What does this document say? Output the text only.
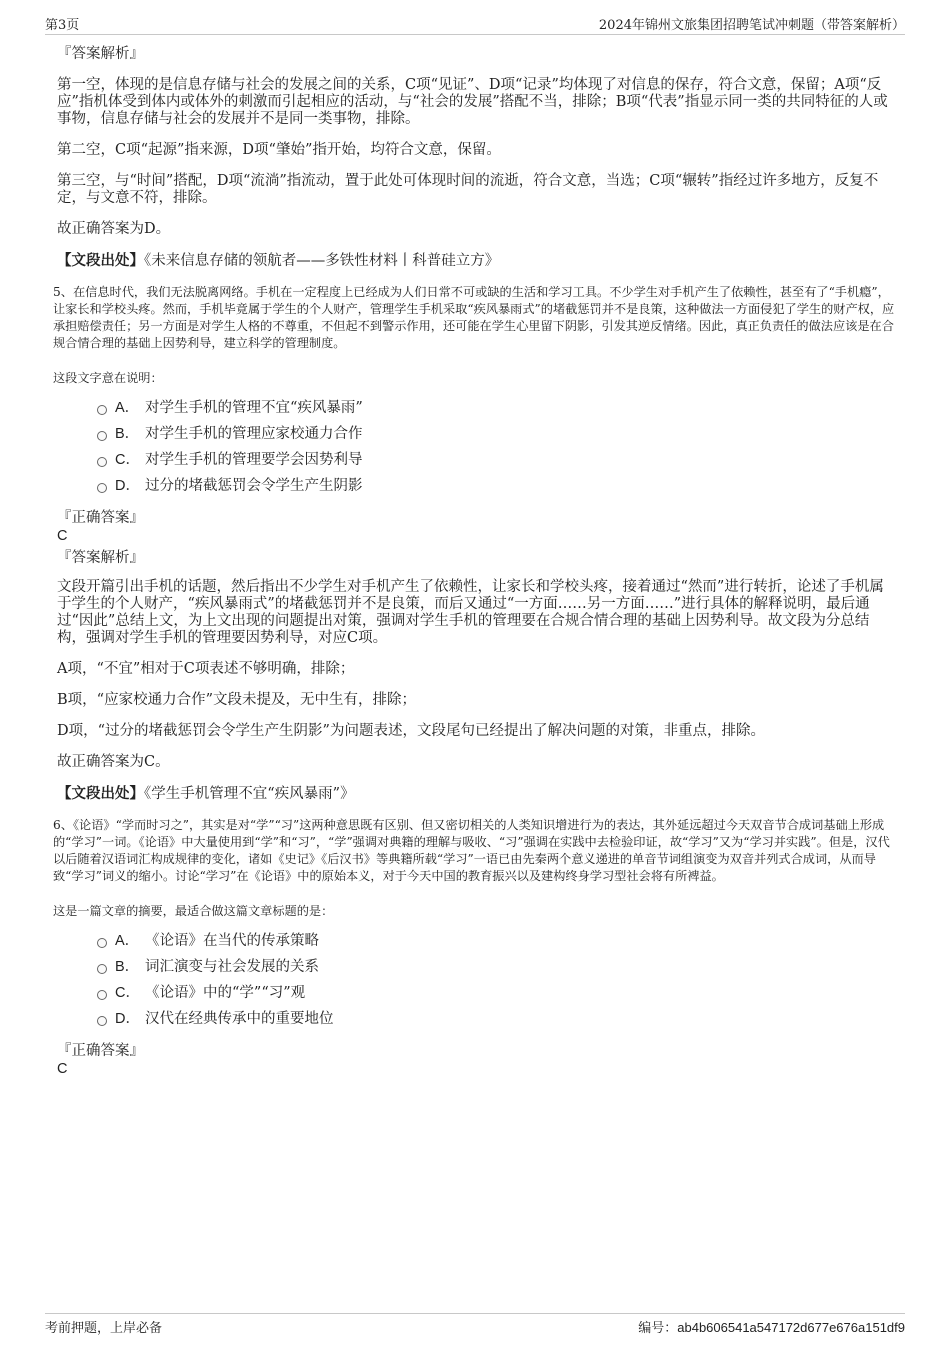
第3页	2024年锦州文旅集团招聘笔试冲刺题（带答案解析）
『答案解析』

第一空，体现的是信息存储与社会的发展之间的关系，C项“见证”、D项“记录”均体现了对信息的保存，符合文意，保留；A项“反应”指机体受到体内或体外的刺激而引起相应的活动，与“社会的发展”搭配不当，排除；B项“代表”指显示同一类的共同特征的人或事物，信息存储与社会的发展并不是同一类事物，排除。

第二空，C项“起源”指来源，D项“肇始”指开始，均符合文意，保留。

第三空，与“时间”搭配，D项“流淌”指流动，置于此处可体现时间的流逝，符合文意，当选；C项“辗转”指经过许多地方，反复不定，与文意不符，排除。

故正确答案为D。

【文段出处】《未来信息存储的领航者——多铁性材料丨科普硅立方》

5、在信息时代，我们无法脱离网络。手机在一定程度上已经成为人们日常不可或缺的生活和学习工具。不少学生对手机产生了依赖性，甚至有了“手机瘾”，让家长和学校头疼。然而，手机毕竟属于学生的个人财产，管理学生手机采取“疾风暴雨式”的堵截惩罚并不是良策，这种做法一方面侵犯了学生的财产权，应承担赔偿责任；另一方面是对学生人格的不尊重，不但起不到警示作用，还可能在学生心里留下阴影，引发其逆反情绪。因此，真正负责任的做法应该是在合规合情合理的基础上因势利导，建立科学的管理制度。

这段文字意在说明：

A． 对学生手机的管理不宜“疾风暴雨”
B． 对学生手机的管理应家校通力合作
C． 对学生手机的管理要学会因势利导
D． 过分的堵截惩罚会令学生产生阴影

『正确答案』

C

『答案解析』

文段开篇引出手机的话题，然后指出不少学生对手机产生了依赖性，让家长和学校头疼，接着通过“然而”进行转折，论述了手机属于学生的个人财产，“疾风暴雨式”的堵截惩罚并不是良策，而后又通过“一方面……另一方面……”进行具体的解释说明，最后通过“因此”总结上文，为上文出现的问题提出对策，强调对学生手机的管理要在合规合情合理的基础上因势利导。故文段为分总结构，强调对学生手机的管理要因势利导，对应C项。

A项，“不宜”相对于C项表述不够明确，排除；

B项，“应家校通力合作”文段未提及，无中生有，排除；

D项，“过分的堵截惩罚会令学生产生阴影”为问题表述，文段尾句已经提出了解决问题的对策，非重点，排除。

故正确答案为C。

【文段出处】《学生手机管理不宜“疾风暴雨”》

6、《论语》“学而时习之”，其实是对“学”“习”这两种意思既有区别、但又密切相关的人类知识增进行为的表达，其外延远超过今天双音节合成词基础上形成的“学习”一词。《论语》中大量使用到“学”和“习”，“学”强调对典籍的理解与吸收、“习”强调在实践中去检验印证，故“学习”又为“学习并实践”。但是，汉代以后随着汉语词汇构成规律的变化，诸如《史记》《后汉书》等典籍所载“学习”一语已由先秦两个意义递进的单音节词组演变为双音并列式合成词，从而导致“学习”词义的缩小。讨论“学习”在《论语》中的原始本义，对于今天中国的教育振兴以及建构终身学习型社会将有所裨益。

这是一篇文章的摘要，最适合做这篇文章标题的是：

A． 《论语》在当代的传承策略
B． 词汇演变与社会发展的关系
C． 《论语》中的“学”“习”观
D． 汉代在经典传承中的重要地位

『正确答案』

C

考前押题，上岸必备	编号：ab4b606541a547172d677e676a151df9
